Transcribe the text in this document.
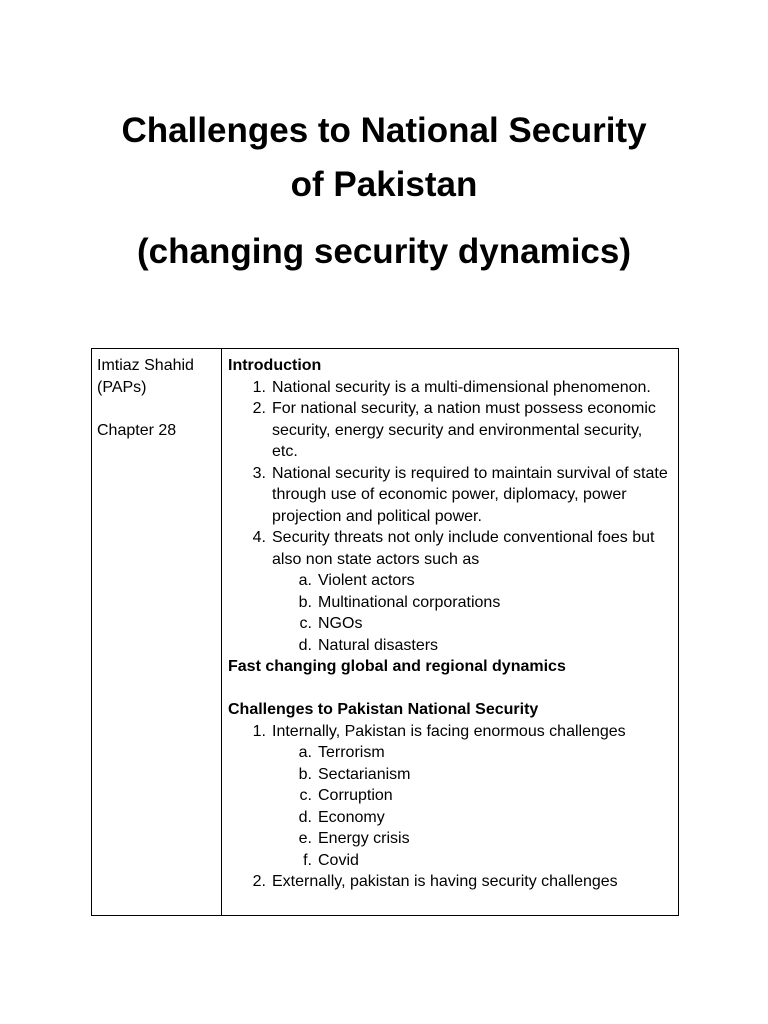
Challenges to National Security
of Pakistan
(changing security dynamics)
Imtiaz Shahid
(PAPs)
Chapter 28
Introduction
1. National security is a multi-dimensional phenomenon.
2. For national security, a nation must possess economic security, energy security and environmental security, etc.
3. National security is required to maintain survival of state through use of economic power, diplomacy, power projection and political power.
4. Security threats not only include conventional foes but also non state actors such as
a. Violent actors
b. Multinational corporations
c. NGOs
d. Natural disasters
Fast changing global and regional dynamics
Challenges to Pakistan National Security
1. Internally, Pakistan is facing enormous challenges
a. Terrorism
b. Sectarianism
c. Corruption
d. Economy
e. Energy crisis
f. Covid
2. Externally, pakistan is having security challenges
